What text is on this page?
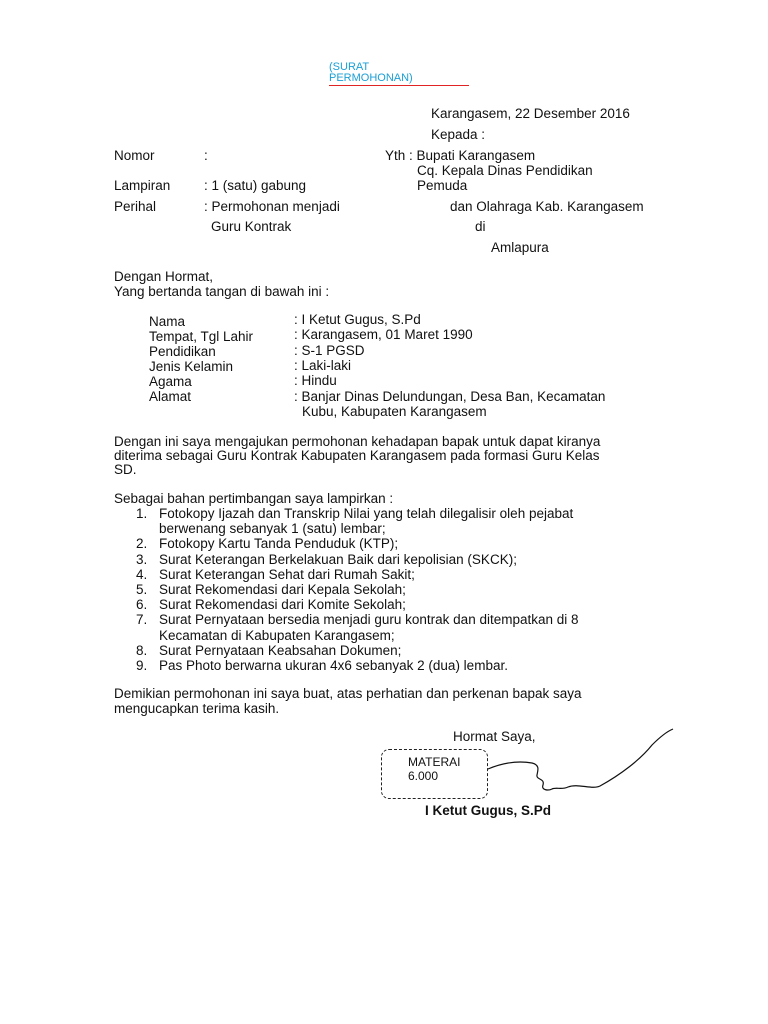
(SURAT
PERMOHONAN)
Karangasem, 22 Desember 2016
Kepada :
Yth : Bupati Karangasem
Cq. Kepala Dinas Pendidikan
Pemuda
dan Olahraga Kab. Karangasem
di
Amlapura
Nomor	:
Lampiran : 1 (satu) gabung
Perihal	: Permohonan menjadi
Guru Kontrak
Dengan Hormat,
Yang bertanda tangan di bawah ini :
Nama	: I Ketut Gugus, S.Pd
Tempat, Tgl Lahir	: Karangasem, 01 Maret 1990
Pendidikan	: S-1 PGSD
Jenis Kelamin	: Laki-laki
Agama	: Hindu
Alamat	: Banjar Dinas Delundungan, Desa Ban, Kecamatan
Kubu, Kabupaten Karangasem
Dengan ini saya mengajukan permohonan kehadapan bapak untuk dapat kiranya
diterima sebagai Guru Kontrak Kabupaten Karangasem pada formasi Guru Kelas
SD.
Sebagai bahan pertimbangan saya lampirkan :
1. Fotokopy Ijazah dan Transkrip Nilai yang telah dilegalisir oleh pejabat berwenang sebanyak 1 (satu) lembar;
2. Fotokopy Kartu Tanda Penduduk (KTP);
3. Surat Keterangan Berkelakuan Baik dari kepolisian (SKCK);
4. Surat Keterangan Sehat dari Rumah Sakit;
5. Surat Rekomendasi dari Kepala Sekolah;
6. Surat Rekomendasi dari Komite Sekolah;
7. Surat Pernyataan bersedia menjadi guru kontrak dan ditempatkan di 8 Kecamatan di Kabupaten Karangasem;
8. Surat Pernyataan Keabsahan Dokumen;
9. Pas Photo berwarna ukuran 4x6 sebanyak 2 (dua) lembar.
Demikian permohonan ini saya buat, atas perhatian dan perkenan bapak saya
mengucapkan terima kasih.
Hormat Saya,
MATERAI
6.000
I Ketut Gugus, S.Pd
